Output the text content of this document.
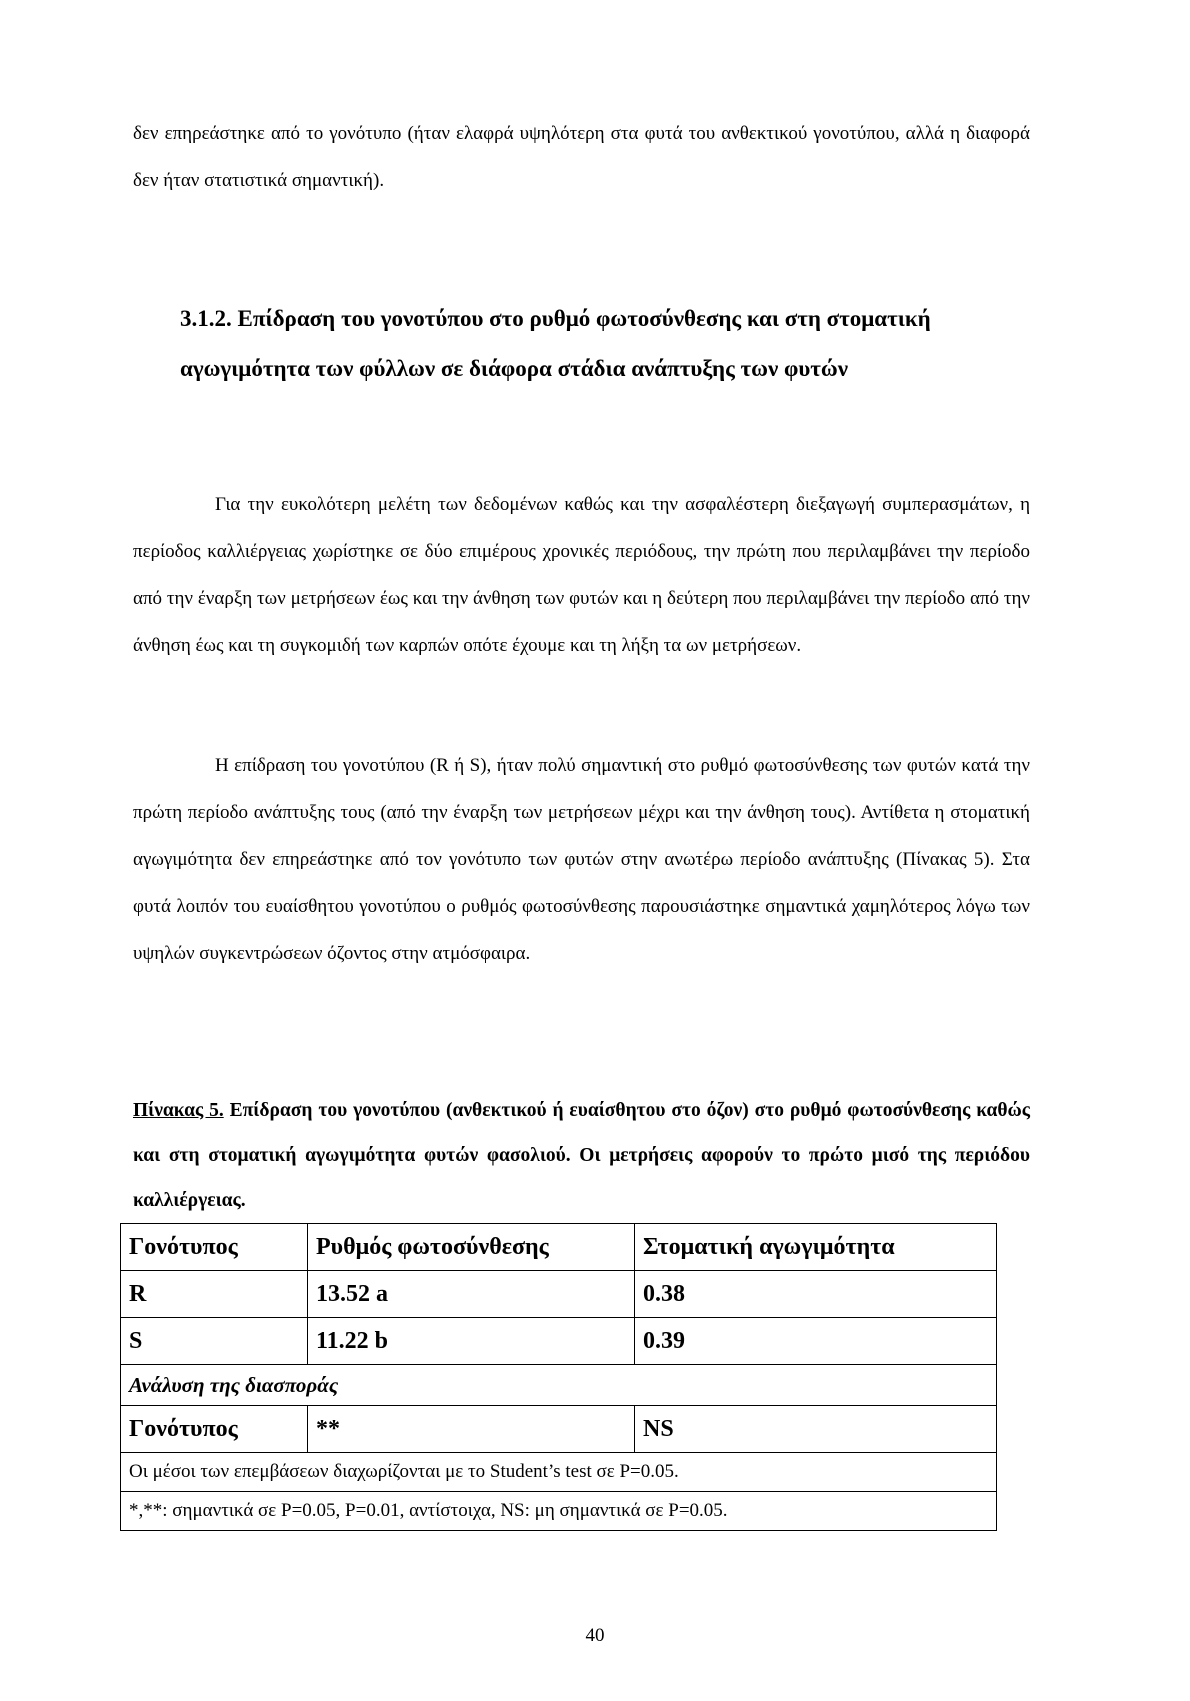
δεν επηρεάστηκε από το γονότυπο (ήταν ελαφρά υψηλότερη στα φυτά του ανθεκτικού γονοτύπου, αλλά η διαφορά δεν ήταν στατιστικά σημαντική).

3.1.2. Επίδραση του γονοτύπου στο ρυθμό φωτοσύνθεσης και στη στοματική αγωγιμότητα των φύλλων σε διάφορα στάδια ανάπτυξης των φυτών

Για την ευκολότερη μελέτη των δεδομένων καθώς και την ασφαλέστερη διεξαγωγή συμπερασμάτων, η περίοδος καλλιέργειας χωρίστηκε σε δύο επιμέρους χρονικές περιόδους, την πρώτη που περιλαμβάνει την περίοδο από την έναρξη των μετρήσεων έως και την άνθηση των φυτών και η δεύτερη που περιλαμβάνει την περίοδο από την άνθηση έως και τη συγκομιδή των καρπών οπότε έχουμε και τη λήξη τα ων μετρήσεων.

Η επίδραση του γονοτύπου (R ή S), ήταν πολύ σημαντική στο ρυθμό φωτοσύνθεσης των φυτών κατά την πρώτη περίοδο ανάπτυξης τους (από την έναρξη των μετρήσεων μέχρι και την άνθηση τους). Αντίθετα η στοματική αγωγιμότητα δεν επηρεάστηκε από τον γονότυπο των φυτών στην ανωτέρω περίοδο ανάπτυξης (Πίνακας 5). Στα φυτά λοιπόν του ευαίσθητου γονοτύπου ο ρυθμός φωτοσύνθεσης παρουσιάστηκε σημαντικά χαμηλότερος λόγω των υψηλών συγκεντρώσεων όζοντος στην ατμόσφαιρα.

Πίνακας 5. Επίδραση του γονοτύπου (ανθεκτικού ή ευαίσθητου στο όζον) στο ρυθμό φωτοσύνθεσης καθώς και στη στοματική αγωγιμότητα φυτών φασολιού. Οι μετρήσεις αφορούν το πρώτο μισό της περιόδου καλλιέργειας.

Γονότυπος	Ρυθμός φωτοσύνθεσης	Στοματική αγωγιμότητα
R	13.52 a	0.38
S	11.22 b	0.39
Ανάλυση της διασποράς		
Γονότυπος	**	NS
Οι μέσοι των επεμβάσεων διαχωρίζονται με το Student’s test σε P=0.05.		
*,**: σημαντικά σε P=0.05, P=0.01, αντίστοιχα, NS: μη σημαντικά σε P=0.05.		
40
